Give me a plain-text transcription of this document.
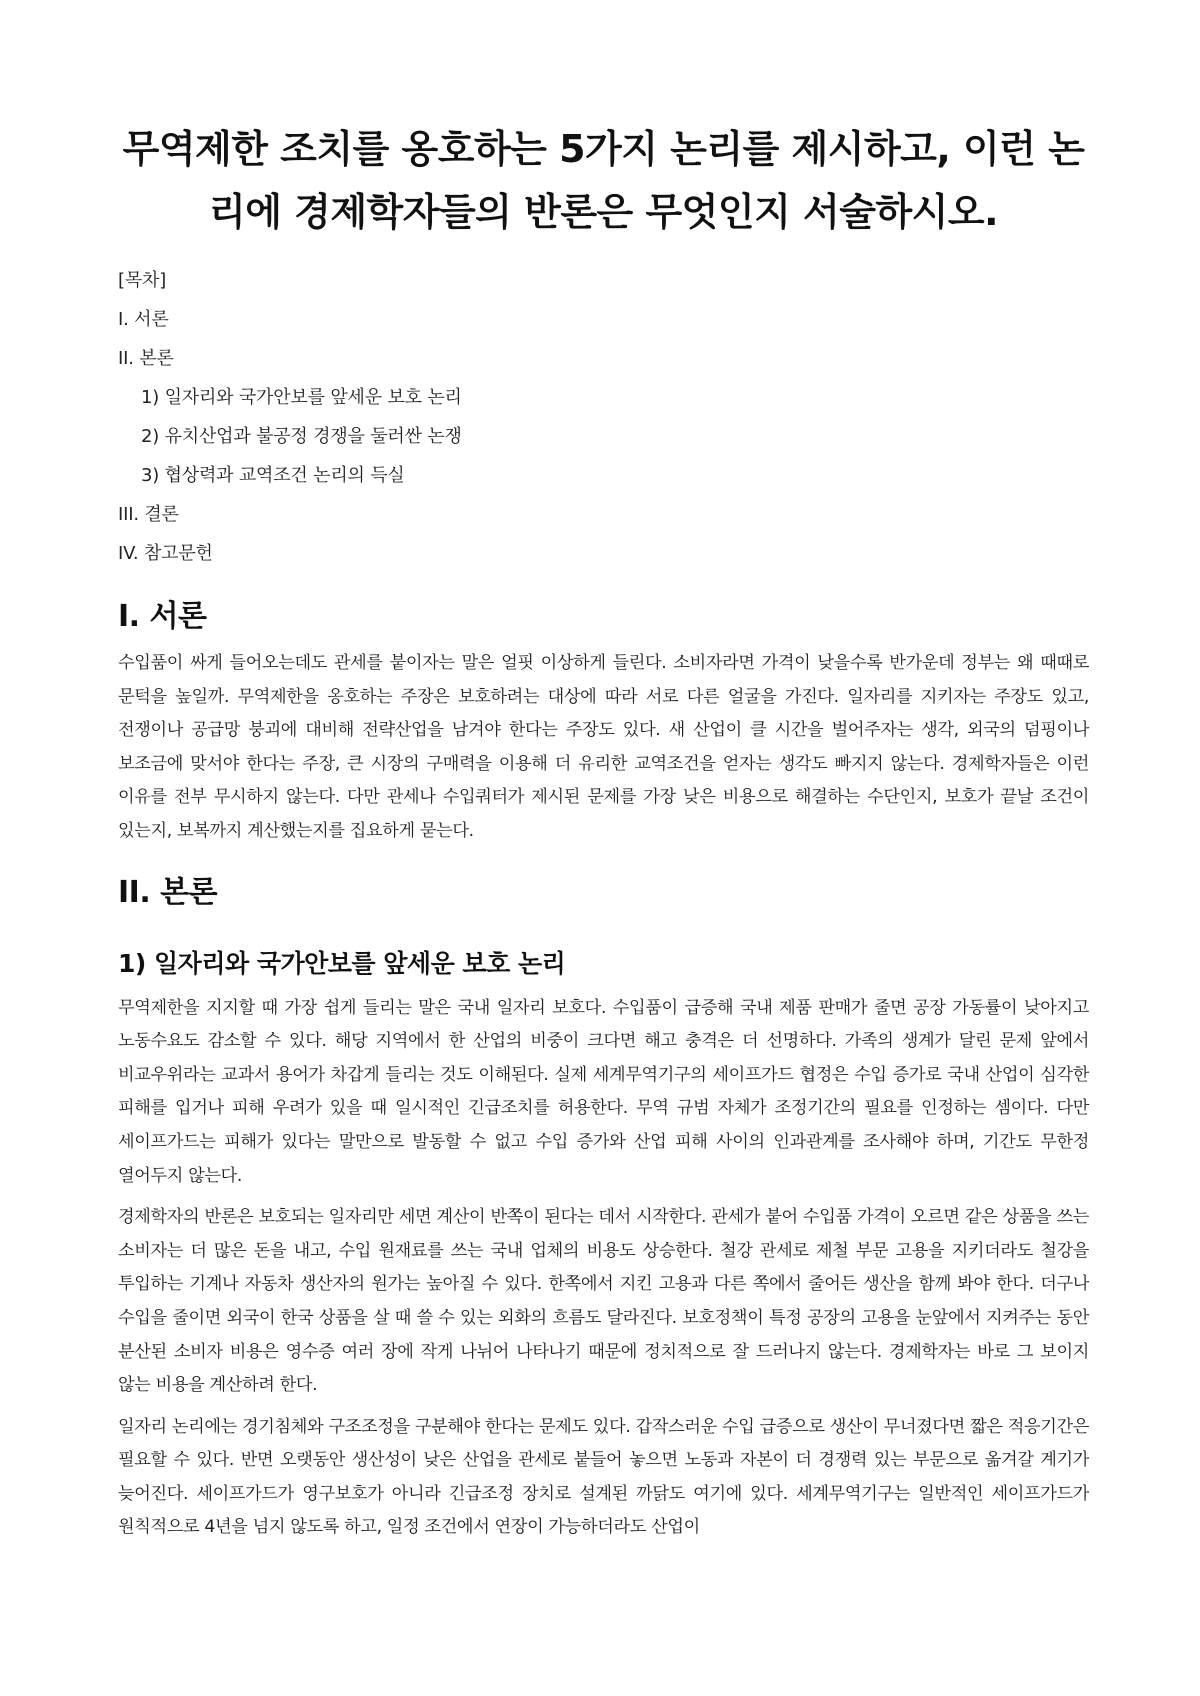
무역제한 조치를 옹호하는 5가지 논리를 제시하고, 이런 논리에 경제학자들의 반론은 무엇인지 서술하시오.
[목차]
I. 서론
II. 본론
1) 일자리와 국가안보를 앞세운 보호 논리
2) 유치산업과 불공정 경쟁을 둘러싼 논쟁
3) 협상력과 교역조건 논리의 득실
III. 결론
IV. 참고문헌
I. 서론

수입품이 싸게 들어오는데도 관세를 붙이자는 말은 얼핏 이상하게 들린다. 소비자라면 가격이 낮을수록 반가운데 정부는 왜 때때로 문턱을 높일까. 무역제한을 옹호하는 주장은 보호하려는 대상에 따라 서로 다른 얼굴을 가진다. 일자리를 지키자는 주장도 있고, 전쟁이나 공급망 붕괴에 대비해 전략산업을 남겨야 한다는 주장도 있다. 새 산업이 클 시간을 벌어주자는 생각, 외국의 덤핑이나 보조금에 맞서야 한다는 주장, 큰 시장의 구매력을 이용해 더 유리한 교역조건을 얻자는 생각도 빠지지 않는다. 경제학자들은 이런 이유를 전부 무시하지 않는다. 다만 관세나 수입쿼터가 제시된 문제를 가장 낮은 비용으로 해결하는 수단인지, 보호가 끝날 조건이 있는지, 보복까지 계산했는지를 집요하게 묻는다.

II. 본론
1) 일자리와 국가안보를 앞세운 보호 논리

무역제한을 지지할 때 가장 쉽게 들리는 말은 국내 일자리 보호다. 수입품이 급증해 국내 제품 판매가 줄면 공장 가동률이 낮아지고 노동수요도 감소할 수 있다. 해당 지역에서 한 산업의 비중이 크다면 해고 충격은 더 선명하다. 가족의 생계가 달린 문제 앞에서 비교우위라는 교과서 용어가 차갑게 들리는 것도 이해된다. 실제 세계무역기구의 세이프가드 협정은 수입 증가로 국내 산업이 심각한 피해를 입거나 피해 우려가 있을 때 일시적인 긴급조치를 허용한다. 무역 규범 자체가 조정기간의 필요를 인정하는 셈이다. 다만 세이프가드는 피해가 있다는 말만으로 발동할 수 없고 수입 증가와 산업 피해 사이의 인과관계를 조사해야 하며, 기간도 무한정 열어두지 않는다.

경제학자의 반론은 보호되는 일자리만 세면 계산이 반쪽이 된다는 데서 시작한다. 관세가 붙어 수입품 가격이 오르면 같은 상품을 쓰는 소비자는 더 많은 돈을 내고, 수입 원재료를 쓰는 국내 업체의 비용도 상승한다. 철강 관세로 제철 부문 고용을 지키더라도 철강을 투입하는 기계나 자동차 생산자의 원가는 높아질 수 있다. 한쪽에서 지킨 고용과 다른 쪽에서 줄어든 생산을 함께 봐야 한다. 더구나 수입을 줄이면 외국이 한국 상품을 살 때 쓸 수 있는 외화의 흐름도 달라진다. 보호정책이 특정 공장의 고용을 눈앞에서 지켜주는 동안 분산된 소비자 비용은 영수증 여러 장에 작게 나뉘어 나타나기 때문에 정치적으로 잘 드러나지 않는다. 경제학자는 바로 그 보이지 않는 비용을 계산하려 한다.

일자리 논리에는 경기침체와 구조조정을 구분해야 한다는 문제도 있다. 갑작스러운 수입 급증으로 생산이 무너졌다면 짧은 적응기간은 필요할 수 있다. 반면 오랫동안 생산성이 낮은 산업을 관세로 붙들어 놓으면 노동과 자본이 더 경쟁력 있는 부문으로 옮겨갈 계기가 늦어진다. 세이프가드가 영구보호가 아니라 긴급조정 장치로 설계된 까닭도 여기에 있다. 세계무역기구는 일반적인 세이프가드가 원칙적으로 4년을 넘지 않도록 하고, 일정 조건에서 연장이 가능하더라도 산업이
